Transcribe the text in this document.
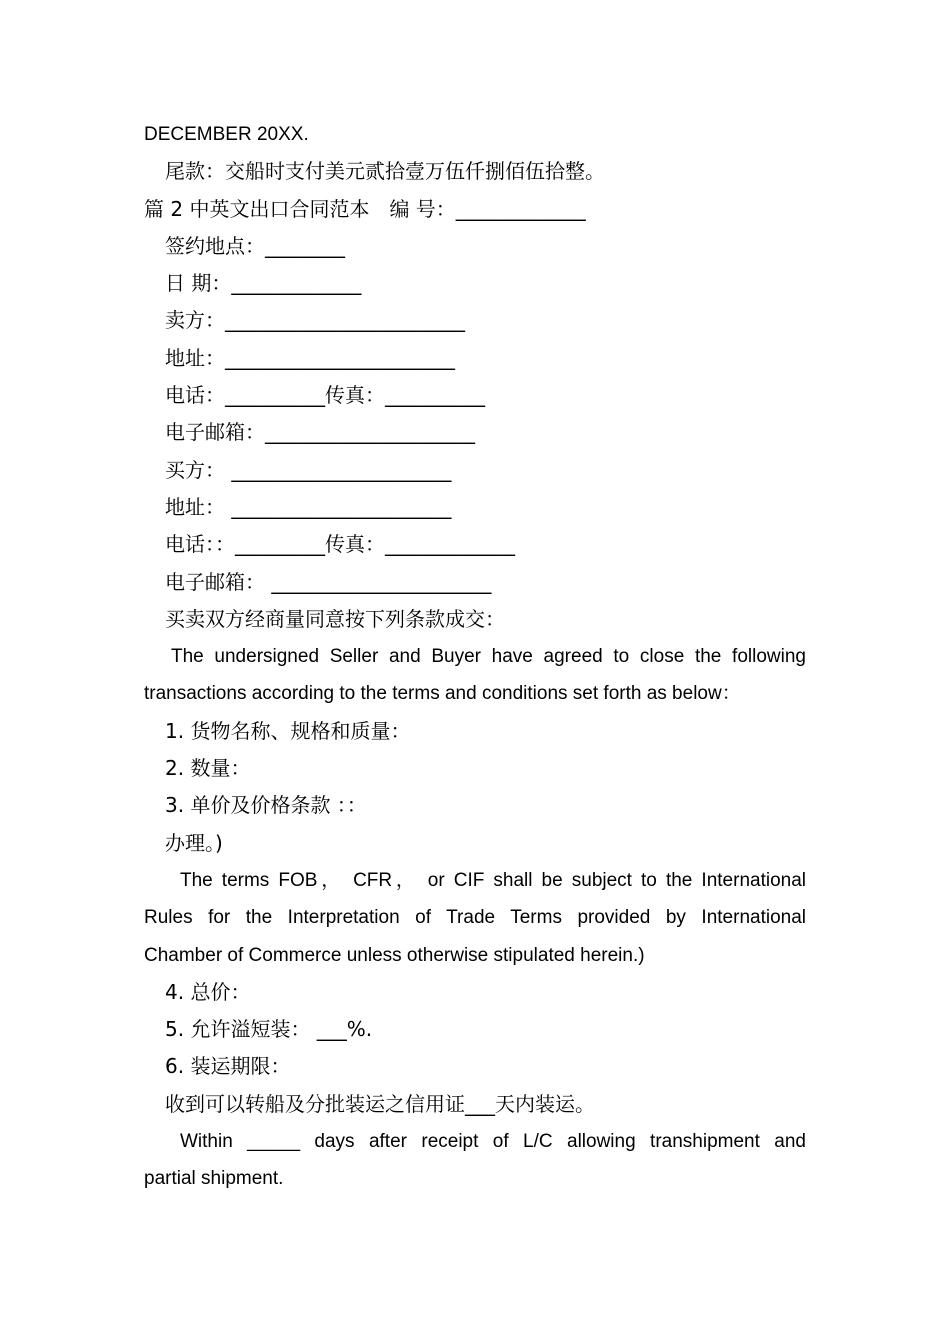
DECEMBER 20XX.
尾款：交船时支付美元贰拾壹万伍仟捌佰伍拾整。
篇 2 中英文出口合同范本　编 号：_____________
签约地点：________
日 期：_____________
卖方：________________________
地址：_______________________
电话：__________传真：__________
电子邮箱：_____________________
买方： ______________________
地址： ______________________
电话：：_________传真：_____________
电子邮箱： ______________________
买卖双方经商量同意按下列条款成交：
The undersigned Seller and Buyer have agreed to close the following
transactions according to the terms and conditions set forth as below：
1. 货物名称、规格和质量：
2. 数量：
3. 单价及价格条款 ：：
办理。)
The terms FOB， CFR， or CIF shall be subject to the International
Rules for the Interpretation of Trade Terms provided by International
Chamber of Commerce unless otherwise stipulated herein.)
4. 总价：
5. 允许溢短装： ___%.
6. 装运期限：
收到可以转船及分批装运之信用证___天内装运。
Within _____ days after receipt of L/C allowing transhipment and
partial shipment.
